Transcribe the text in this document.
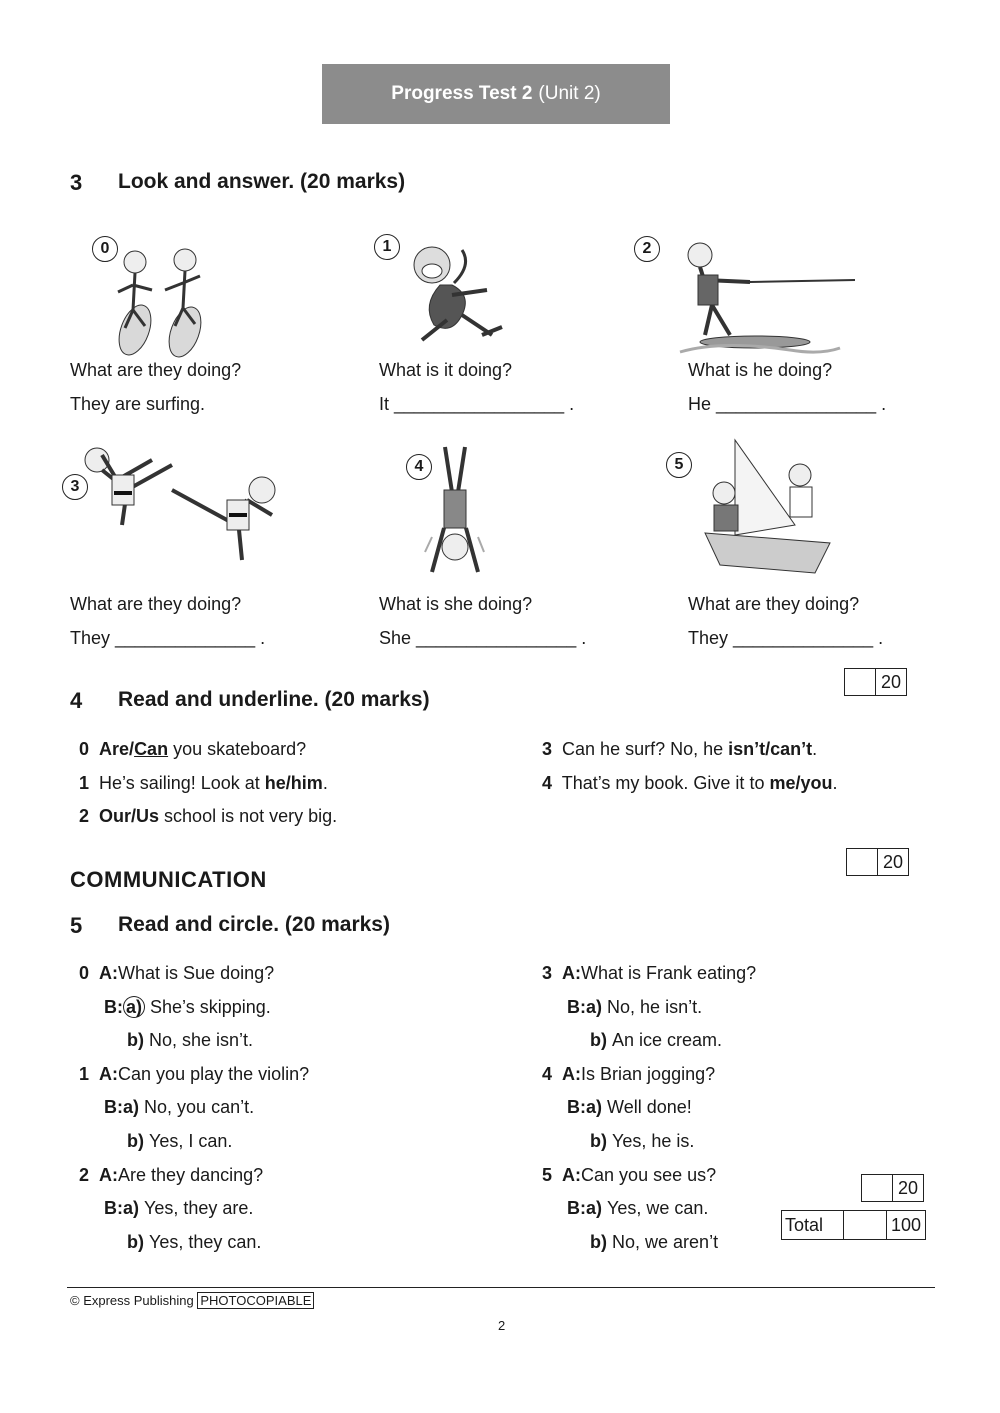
Progress Test 2 (Unit 2)
3 Look and answer. (20 marks)
0	1	2
What are they doing?
They are surfing.
What is it doing?
It _________________ .
What is he doing?
He ________________ .
3
4	5
What are they doing?
They ______________ .
What is she doing?
She ________________ .
What are they doing?
They ______________ .
20
4 Read and underline. (20 marks)
0 Are/Can you skateboard?
1 He’s sailing! Look at he/him.
2 Our/Us school is not very big.
3 Can he surf? No, he isn’t/can’t.
4 That’s my book. Give it to me/you.
20
COMMUNICATION
5 Read and circle. (20 marks)
0 A:What is Sue doing?
B: a) She’s skipping.
b) No, she isn’t.
1 A:Can you play the violin?
B:a) No, you can’t.
b) Yes, I can.
2 A:Are they dancing?
B:a) Yes, they are.
b) Yes, they can.
3 A:What is Frank eating?
B:a) No, he isn’t.
b) An ice cream.
4 A:Is Brian jogging?
B:a) Well done!
b) Yes, he is.
5 A:Can you see us?
B:a) Yes, we can.
b) No, we aren’t
20
Total	100
© Express Publishing PHOTOCOPIABLE
2
